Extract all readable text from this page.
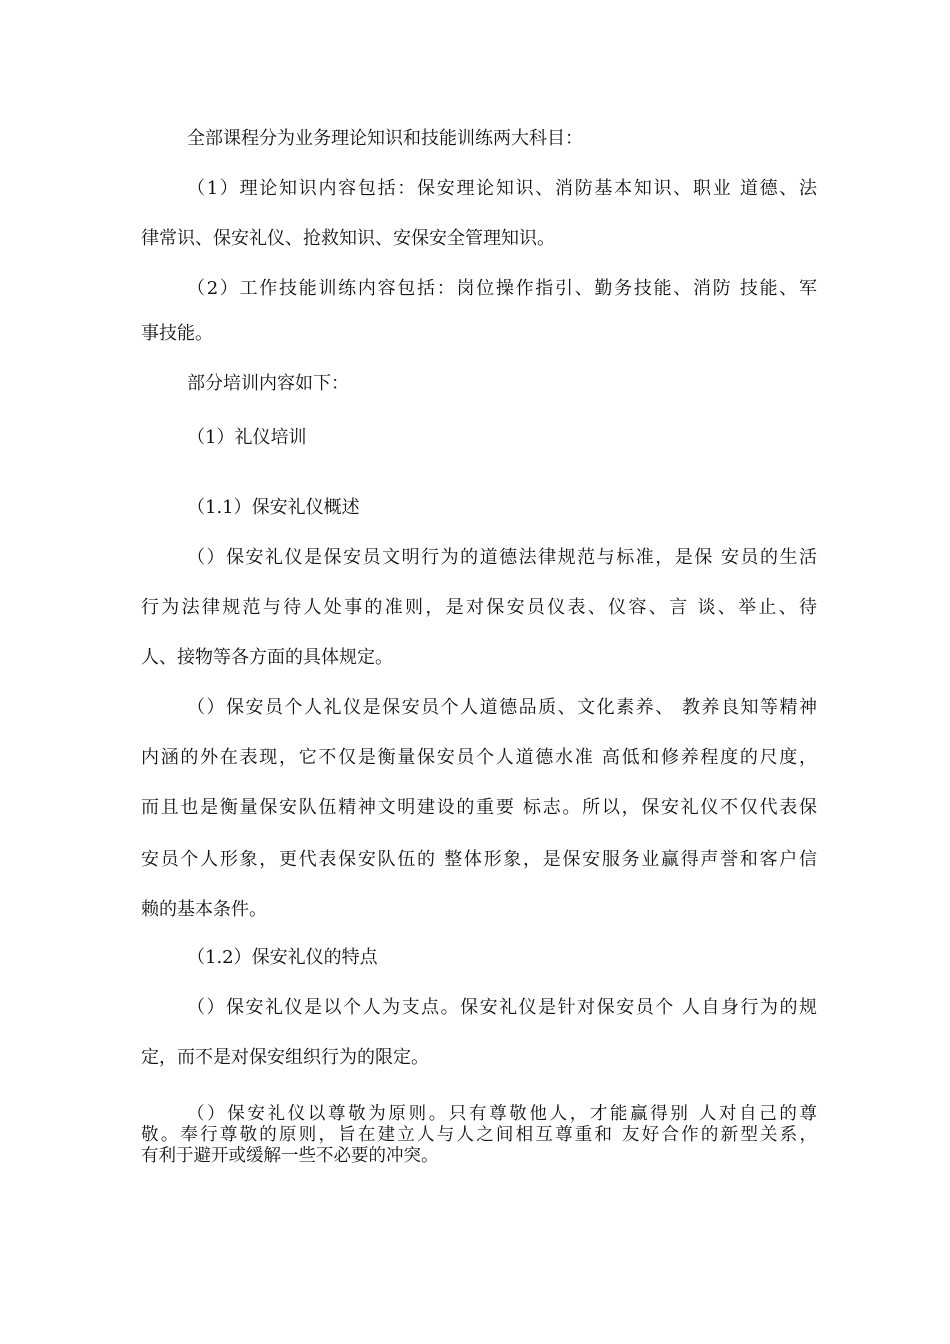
全部课程分为业务理论知识和技能训练两大科目：
（1）理论知识内容包括：保安理论知识、消防基本知识、职业 道德、法
律常识、保安礼仪、抢救知识、安保安全管理知识。
（2）工作技能训练内容包括：岗位操作指引、勤务技能、消防 技能、军
事技能。
部分培训内容如下：
（1）礼仪培训
（1.1）保安礼仪概述
（）保安礼仪是保安员文明行为的道德法律规范与标准，是保 安员的生活
行为法律规范与待人处事的准则，是对保安员仪表、仪容、言 谈、举止、待
人、接物等各方面的具体规定。
（）保安员个人礼仪是保安员个人道德品质、文化素养、 教养良知等精神
内涵的外在表现，它不仅是衡量保安员个人道德水准 高低和修养程度的尺度，
而且也是衡量保安队伍精神文明建设的重要 标志。所以，保安礼仪不仅代表保
安员个人形象，更代表保安队伍的 整体形象，是保安服务业赢得声誉和客户信
赖的基本条件。
（1.2）保安礼仪的特点
（）保安礼仪是以个人为支点。保安礼仪是针对保安员个 人自身行为的规
定，而不是对保安组织行为的限定。
（）保安礼仪以尊敬为原则。只有尊敬他人，才能赢得别 人对自己的尊
敬。奉行尊敬的原则，旨在建立人与人之间相互尊重和 友好合作的新型关系，
有利于避开或缓解一些不必要的冲突。
